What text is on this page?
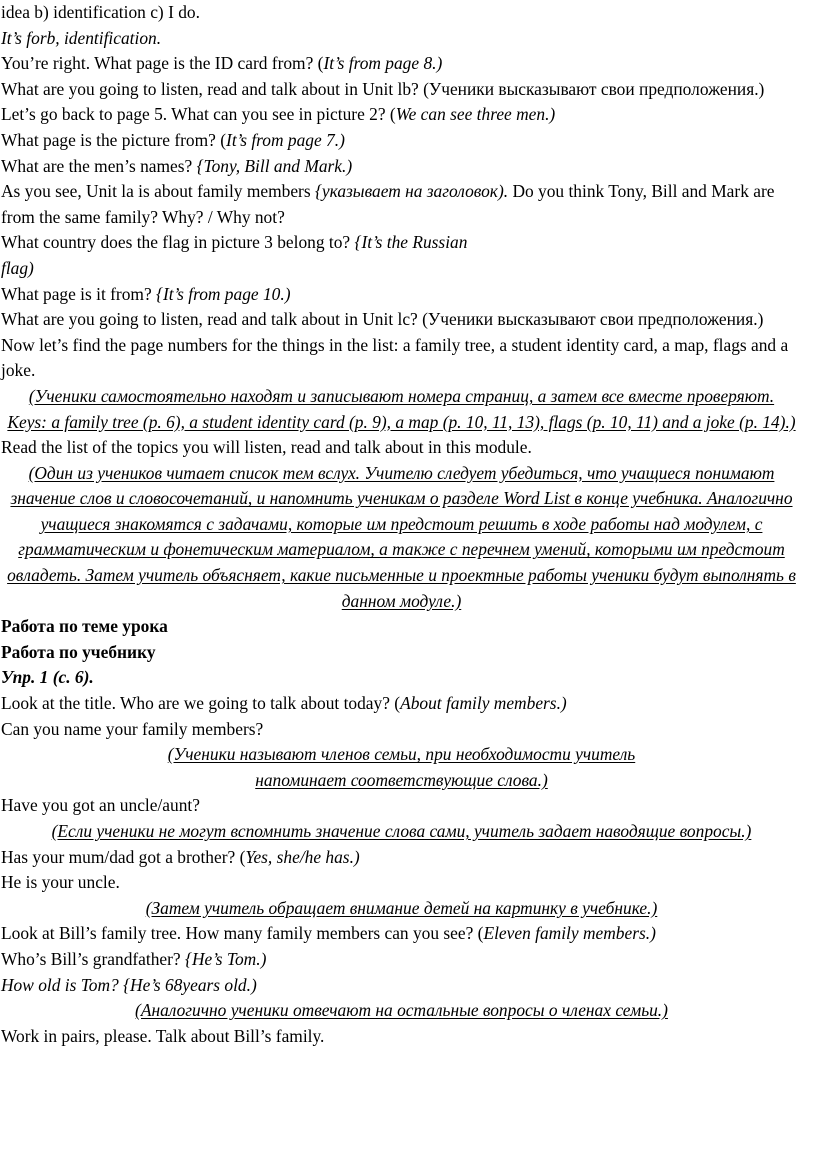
idea b) identification c) I do.

It’s forb, identification.

You’re right. What page is the ID card from? (It’s from page 8.)

What are you going to listen, read and talk about in Unit lb? (Ученики высказывают свои предположения.)

Let’s go back to page 5. What can you see in picture 2? (We can see three men.)

What page is the picture from? (It’s from page 7.)

What are the men’s names? {Tony, Bill and Mark.)

As you see, Unit la is about family members {указывает на заголовок). Do you think Tony, Bill and Mark are from the same family? Why? / Why not?

What country does the flag in picture 3 belong to? {It’s the Russian

flag)

What page is it from? {It’s from page 10.)

What are you going to listen, read and talk about in Unit lc? (Ученики высказывают свои предположения.)

Now let’s find the page numbers for the things in the list: a family tree, a student identity card, a map, flags and a joke.

(Ученики самостоятельно находят и записывают номера страниц, а затем все вместе проверяют.

Keys: a family tree (p. 6), a student identity card (p. 9), a map (p. 10, 11, 13), flags (p. 10, 11) and a joke (p. 14).)

Read the list of the topics you will listen, read and talk about in this module.

(Один из учеников читает список тем вслух. Учителю следует убедиться, что учащиеся понимают значение слов и словосочетаний, и напомнить ученикам о разделе Word List в конце учебника. Аналогично учащиеся знакомятся с задачами, которые им предстоит решить в ходе работы над модулем, с грамматическим и фонетическим материалом, а также с перечнем умений, которыми им предстоит овладеть. Затем учитель объясняет, какие письменные и проектные работы ученики будут выполнять в данном модуле.)

Работа по теме урока

Работа по учебнику

Упр. 1 (с. 6).

Look at the title. Who are we going to talk about today? (About family members.)

Can you name your family members?

(Ученики называют членов семьи, при необходимости учитель

напоминает соответствующие слова.)

Have you got an uncle/aunt?

(Если ученики не могут вспомнить значение слова сами, учитель задает наводящие вопросы.)

Has your mum/dad got a brother? (Yes, she/he has.)

He is your uncle.

(Затем учитель обращает внимание детей на картинку в учебнике.)

Look at Bill’s family tree. How many family members can you see? (Eleven family members.)

Who’s Bill’s grandfather? {He’s Tom.)

How old is Tom? {He’s 68years old.)

(Аналогично ученики отвечают на остальные вопросы о членах семьи.)

Work in pairs, please. Talk about Bill’s family.
